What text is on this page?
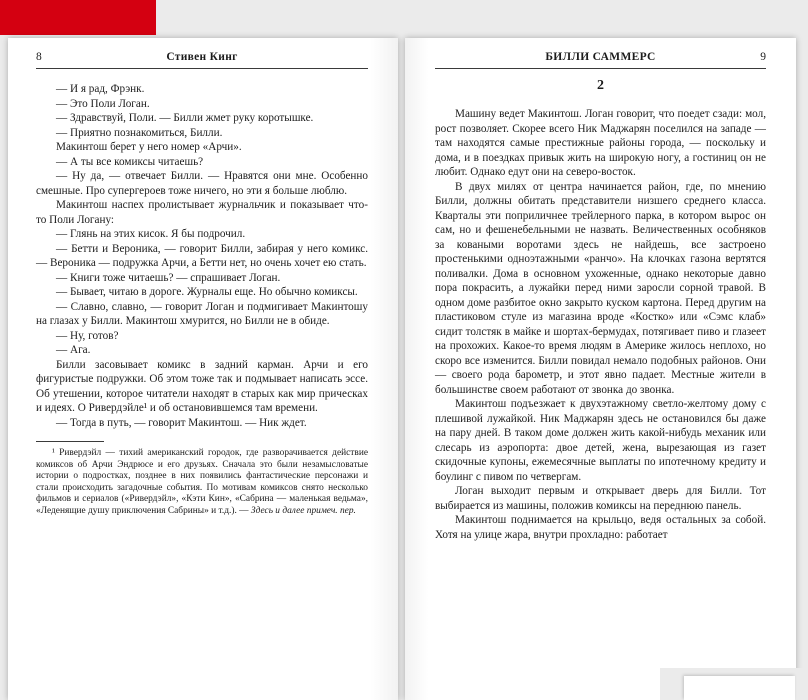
8	Стивен Кинг

— И я рад, Фрэнк.

— Это Поли Логан.

— Здравствуй, Поли. — Билли жмет руку коротышке.

— Приятно познакомиться, Билли.

Макинтош берет у него номер «Арчи».

— А ты все комиксы читаешь?

— Ну да, — отвечает Билли. — Нравятся они мне. Особенно смешные. Про супергероев тоже ничего, но эти я больше люблю.

Макинтош наспех пролистывает журнальчик и показывает что-то Поли Логану:

— Глянь на этих кисок. Я бы подрочил.

— Бетти и Вероника, — говорит Билли, забирая у него комикс. — Вероника — подружка Арчи, а Бетти нет, но очень хочет ею стать.

— Книги тоже читаешь? — спрашивает Логан.

— Бывает, читаю в дороге. Журналы еще. Но обычно комиксы.

— Славно, славно, — говорит Логан и подмигивает Макинтошу на глазах у Билли. Макинтош хмурится, но Билли не в обиде.

— Ну, готов?

— Ага.

Билли засовывает комикс в задний карман. Арчи и его фигуристые подружки. Об этом тоже так и подмывает написать эссе. Об утешении, которое читатели находят в старых как мир прическах и идеях. О Ривердэйле¹ и об остановившемся там времени.

— Тогда в путь, — говорит Макинтош. — Ник ждет.

¹ Ривердэйл — тихий американский городок, где разворачивается действие комиксов об Арчи Эндрюсе и его друзьях. Сначала это были незамысловатые истории о подростках, позднее в них появились фантастические персонажи и стали происходить загадочные события. По мотивам комиксов снято несколько фильмов и сериалов («Ривердэйл», «Кэти Кин», «Сабрина — маленькая ведьма», «Леденящие душу приключения Сабрины» и т.д.). — Здесь и далее примеч. пер.

БИЛЛИ САММЕРС	9
2

Машину ведет Макинтош. Логан говорит, что поедет сзади: мол, рост позволяет. Скорее всего Ник Маджарян поселился на западе — там находятся самые престижные районы города, — поскольку и дома, и в поездках привык жить на широкую ногу, а гостиниц он не любит. Однако едут они на северо-восток.

В двух милях от центра начинается район, где, по мнению Билли, должны обитать представители низшего среднего класса. Кварталы эти поприличнее трейлерного парка, в котором вырос он сам, но и фешенебельными не назвать. Величественных особняков за коваными воротами здесь не найдешь, все застроено простенькими одноэтажными «ранчо». На клочках газона вертятся поливалки. Дома в основном ухоженные, однако некоторые давно пора покрасить, а лужайки перед ними заросли сорной травой. В одном доме разбитое окно закрыто куском картона. Перед другим на пластиковом стуле из магазина вроде «Костко» или «Сэмс клаб» сидит толстяк в майке и шортах-бермудах, потягивает пиво и глазеет на прохожих. Какое-то время людям в Америке жилось неплохо, но скоро все изменится. Билли повидал немало подобных районов. Они — своего рода барометр, и этот явно падает. Местные жители в большинстве своем работают от звонка до звонка.

Макинтош подъезжает к двухэтажному светло-желтому дому с плешивой лужайкой. Ник Маджарян здесь не остановился бы даже на пару дней. В таком доме должен жить какой-нибудь механик или слесарь из аэропорта: двое детей, жена, вырезающая из газет скидочные купоны, ежемесячные выплаты по ипотечному кредиту и боулинг с пивом по четвергам.

Логан выходит первым и открывает дверь для Билли. Тот выбирается из машины, положив комиксы на переднюю панель.

Макинтош поднимается на крыльцо, ведя остальных за собой. Хотя на улице жара, внутри прохладно: работает
